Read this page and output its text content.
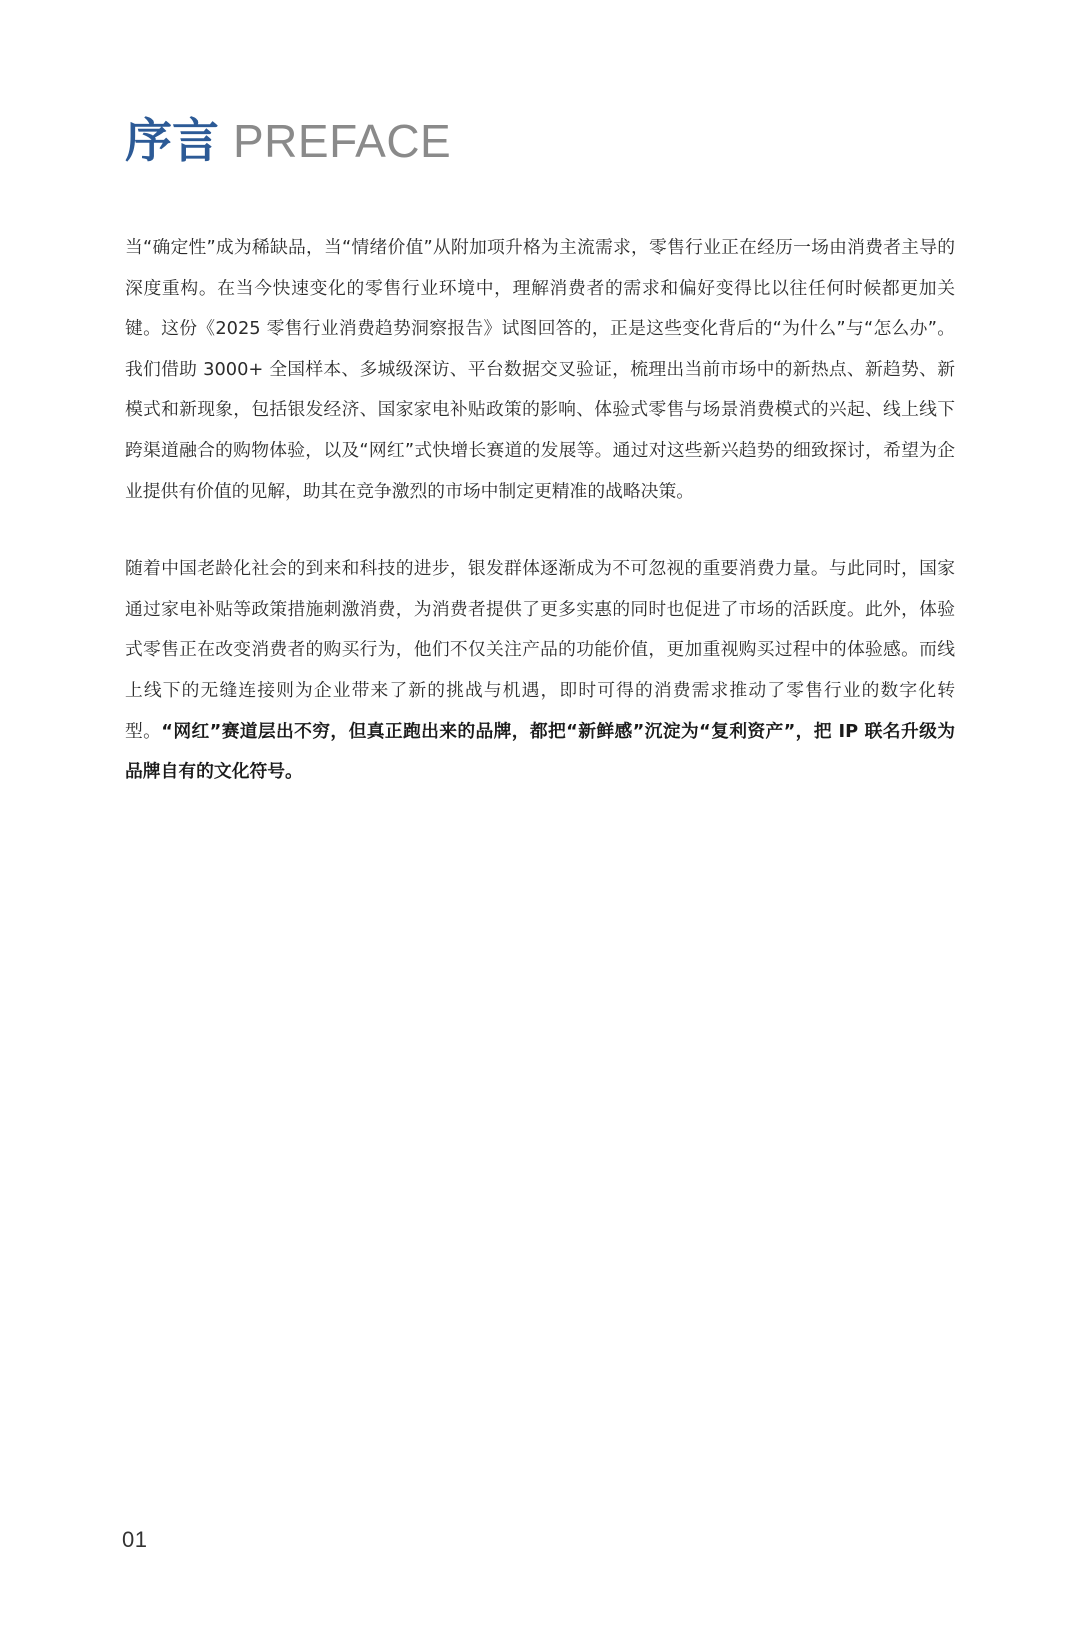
序言 PREFACE

当“确定性”成为稀缺品，当“情绪价值”从附加项升格为主流需求，零售行业正在经历一场由消费者主导的深度重构。在当今快速变化的零售行业环境中，理解消费者的需求和偏好变得比以往任何时候都更加关键。这份《2025 零售行业消费趋势洞察报告》试图回答的，正是这些变化背后的“为什么”与“怎么办”。我们借助 3000+ 全国样本、多城级深访、平台数据交叉验证，梳理出当前市场中的新热点、新趋势、新模式和新现象，包括银发经济、国家家电补贴政策的影响、体验式零售与场景消费模式的兴起、线上线下跨渠道融合的购物体验，以及“网红”式快增长赛道的发展等。通过对这些新兴趋势的细致探讨，希望为企业提供有价值的见解，助其在竞争激烈的市场中制定更精准的战略决策。

随着中国老龄化社会的到来和科技的进步，银发群体逐渐成为不可忽视的重要消费力量。与此同时，国家通过家电补贴等政策措施刺激消费，为消费者提供了更多实惠的同时也促进了市场的活跃度。此外，体验式零售正在改变消费者的购买行为，他们不仅关注产品的功能价值，更加重视购买过程中的体验感。而线上线下的无缝连接则为企业带来了新的挑战与机遇，即时可得的消费需求推动了零售行业的数字化转型。“网红”赛道层出不穷，但真正跑出来的品牌，都把“新鲜感”沉淀为“复利资产”，把 IP 联名升级为品牌自有的文化符号。

01
